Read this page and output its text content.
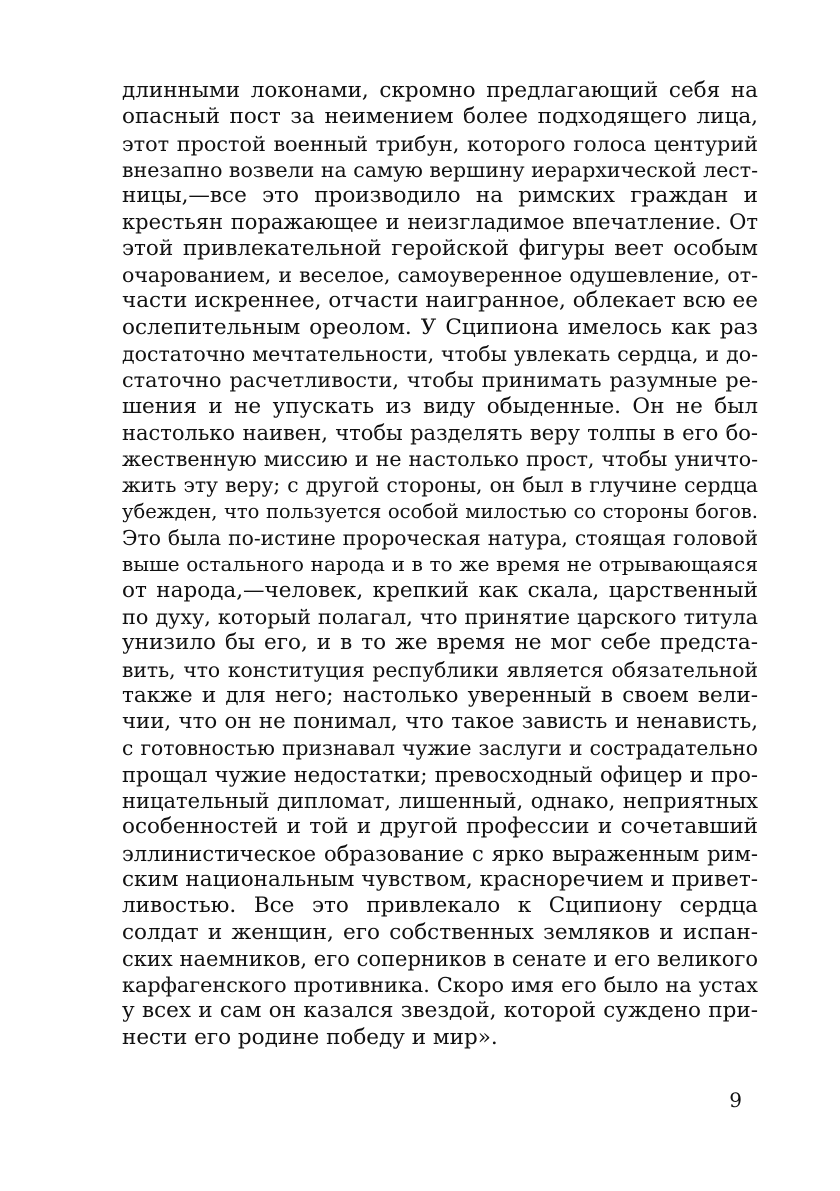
длинными локонами, скромно предлагающий себя на
опасный пост за неимением более подходящего лица,
этот простой военный трибун, которого голоса центурий
внезапно возвели на самую вершину иерархической лест-
ницы,—все это производило на римских граждан и
крестьян поражающее и неизгладимое впечатление. От
этой привлекательной геройской фигуры веет особым
очарованием, и веселое, самоуверенное одушевление, от-
части искреннее, отчасти наигранное, облекает всю ее
ослепительным ореолом. У Сципиона имелось как раз
достаточно мечтательности, чтобы увлекать сердца, и до-
статочно расчетливости, чтобы принимать разумные ре-
шения и не упускать из виду обыденные. Он не был
настолько наивен, чтобы разделять веру толпы в его бо-
жественную миссию и не настолько прост, чтобы уничто-
жить эту веру; с другой стороны, он был в глучине сердца
убежден, что пользуется особой милостью со стороны богов.
Это была по-истине пророческая натура, стоящая головой
выше остального народа и в то же время не отрывающаяся
от народа,—человек, крепкий как скала, царственный
по духу, который полагал, что принятие царского титула
унизило бы его, и в то же время не мог себе предста-
вить, что конституция республики является обязательной
также и для него; настолько уверенный в своем вели-
чии, что он не понимал, что такое зависть и ненависть,
с готовностью признавал чужие заслуги и сострадательно
прощал чужие недостатки; превосходный офицер и про-
ницательный дипломат, лишенный, однако, неприятных
особенностей и той и другой профессии и сочетавший
эллинистическое образование с ярко выраженным рим-
ским национальным чувством, красноречием и привет-
ливостью. Все это привлекало к Сципиону сердца
солдат и женщин, его собственных земляков и испан-
ских наемников, его соперников в сенате и его великого
карфагенского противника. Скоро имя его было на устах
у всех и сам он казался звездой, которой суждено при-
нести его родине победу и мир».
9
